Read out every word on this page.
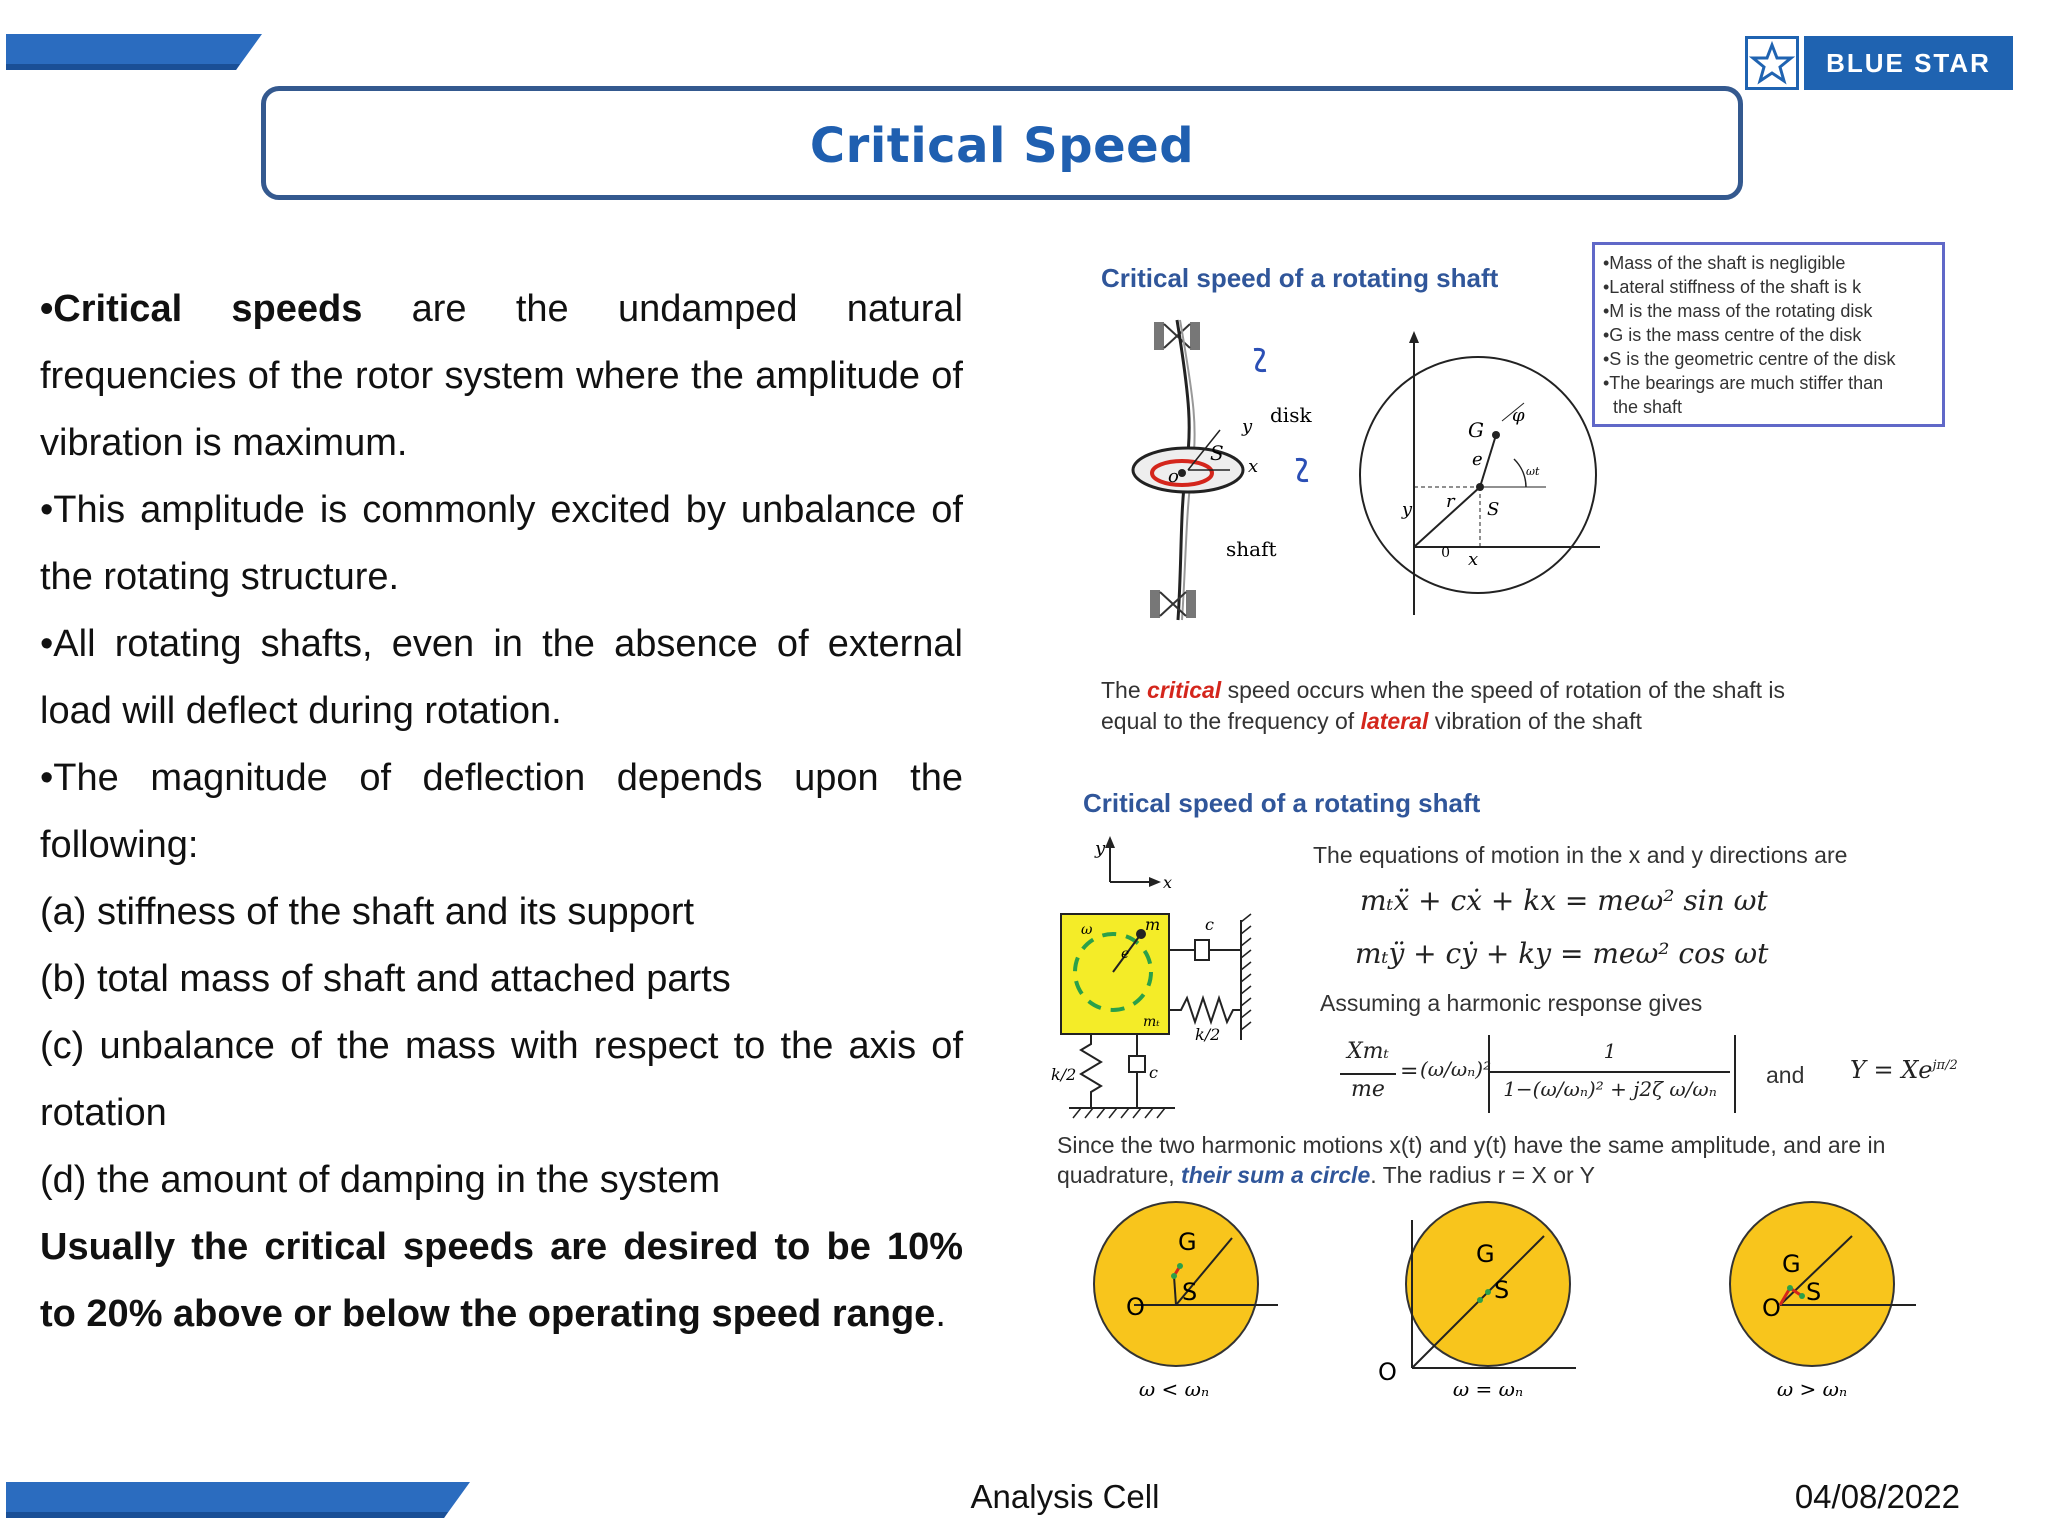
BLUE STAR
Critical Speed

•Critical speeds are the undamped natural frequencies of the rotor system where the amplitude of vibration is maximum.

•This amplitude is commonly excited by unbalance of the rotating structure.

•All rotating shafts, even in the absence of external load will deflect during rotation.

•The magnitude of deflection depends upon the following:

(a) stiffness of the shaft and its support

(b) total mass of shaft and attached parts

(c) unbalance of the mass with respect to the axis of rotation

(d) the amount of damping in the system

Usually the critical speeds are desired to be 10% to 20% above or below the operating speed range.

Critical speed of a rotating shaft	•Mass of the shaft is negligible
•Lateral stiffness of the shaft is k
•M is the mass of the rotating disk
•G is the mass centre of the disk
•S is the geometric centre of the disk
•The bearings are much stiffer than
the shaft
disk
shaft
y
x
S
o
y
0
r
x
S
G
e
φ
ωt
The critical speed occurs when the speed of rotation of the shaft is
equal to the frequency of lateral vibration of the shaft
Critical speed of a rotating shaft
y
x
m
e
ω
mₜ
c
k/2
k/2	c
The equations of motion in the x and y directions are
mₜẍ + cẋ + kx = meω² sin ωt
mₜÿ + cẏ + ky = meω² cos ωt
Assuming a harmonic response gives
Xmₜ
me
= (ω/ωₙ)²
1
1−(ω/ωₙ)² + j2ζ ω/ωₙ
and $Y = Xe^{j\pi/2}$
Since the two harmonic motions x(t) and y(t) have the same amplitude, and are in
quadrature, their sum a circle. The radius r = X or Y
G
S
O
ω < ωₙ
G
S
O
ω = ωₙ
G
S
O
ω > ωₙ
Analysis Cell	04/08/2022
